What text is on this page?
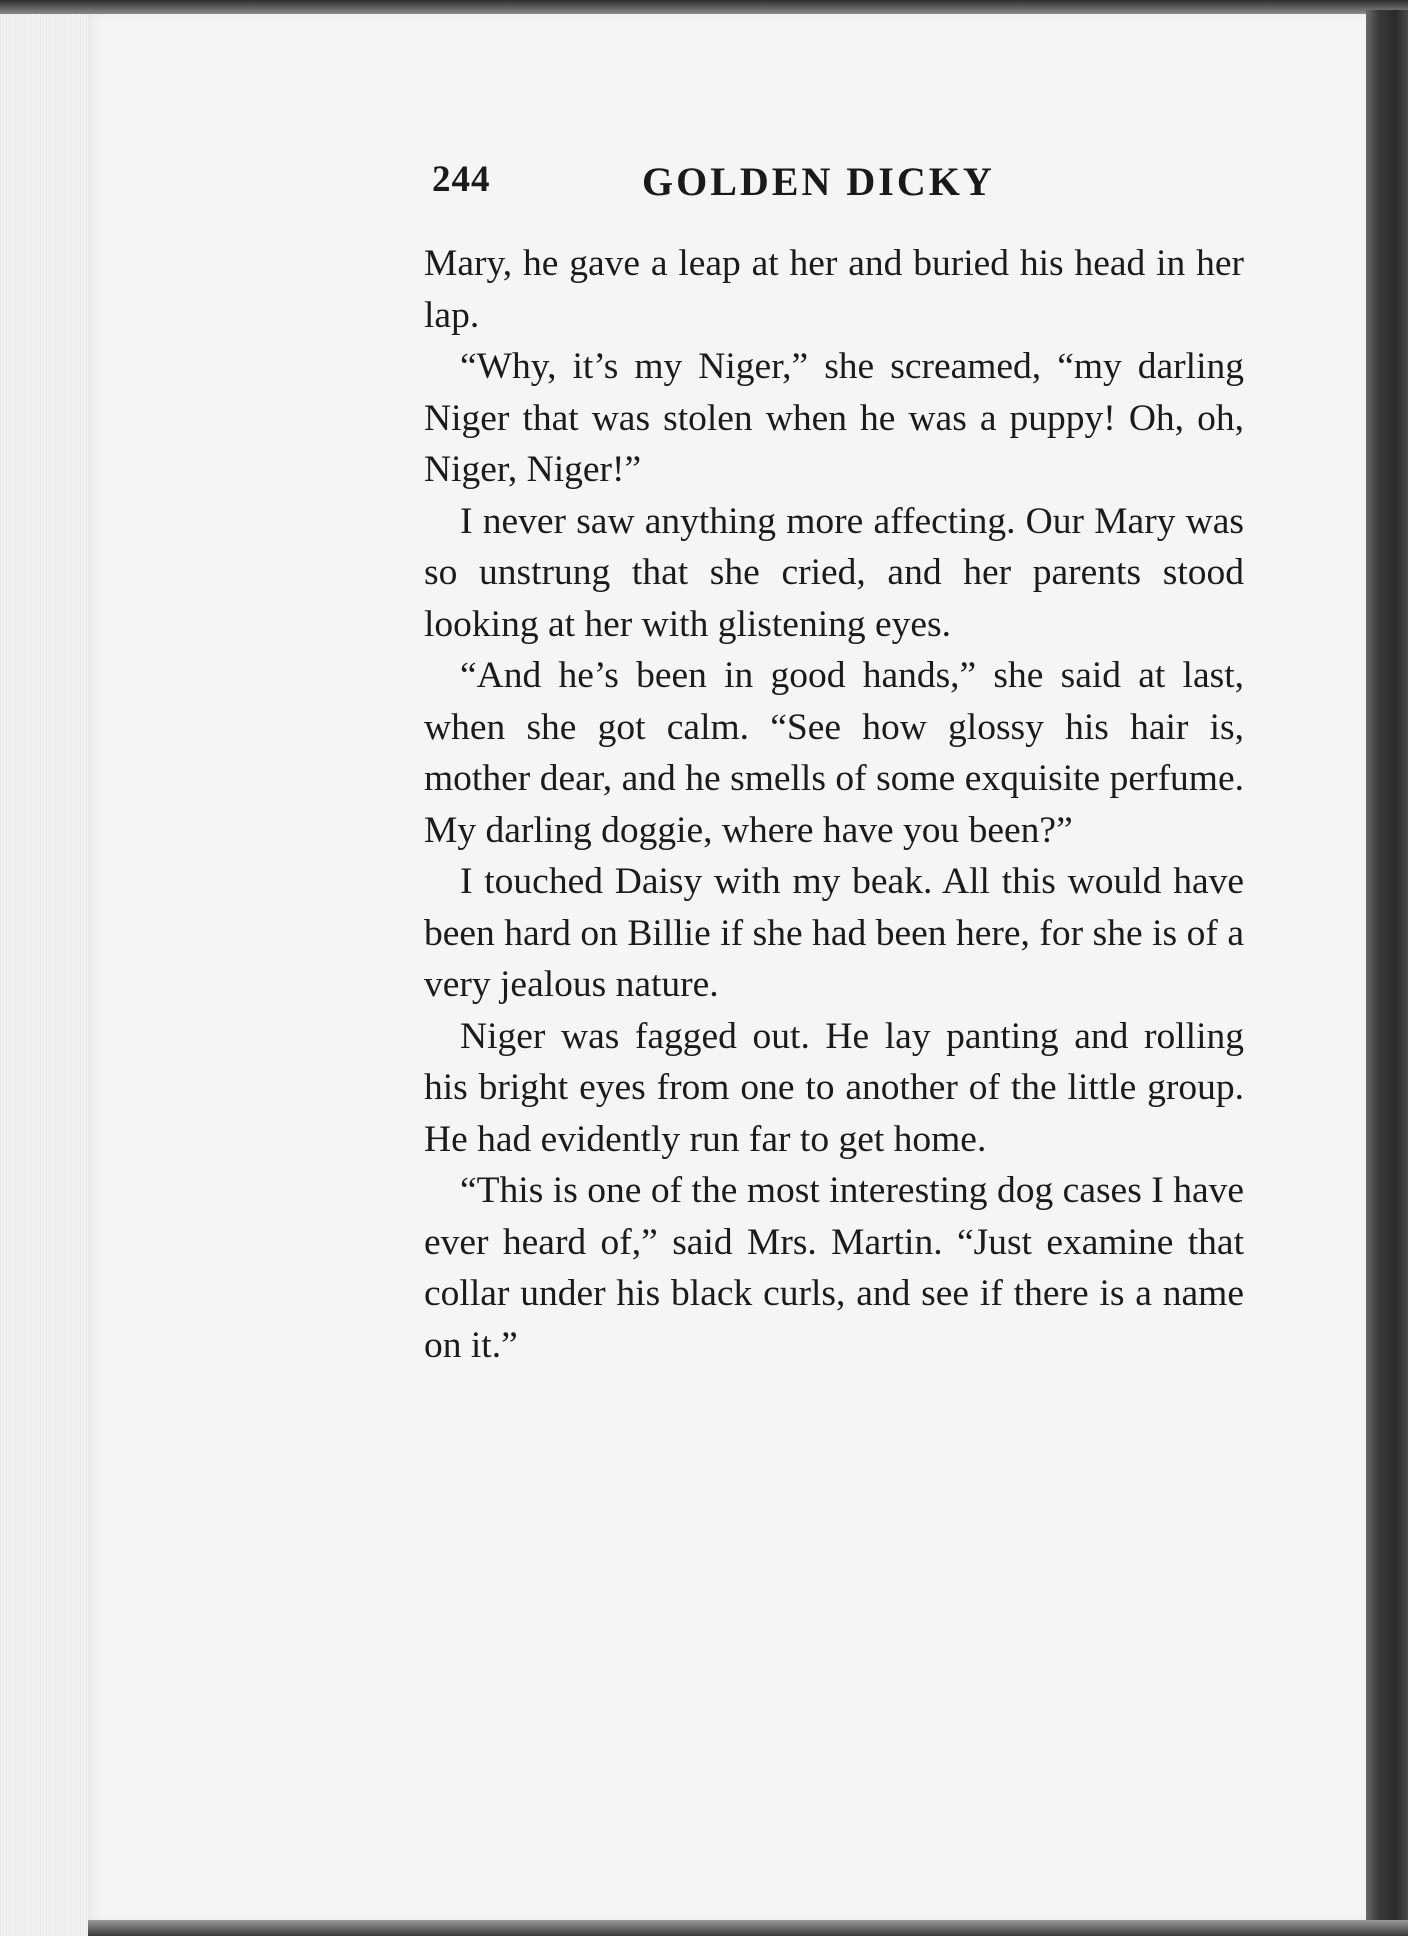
244	GOLDEN DICKY

Mary, he gave a leap at her and buried his head in her lap.

“Why, it’s my Niger,” she screamed, “my darling Niger that was stolen when he was a puppy! Oh, oh, Niger, Niger!”

I never saw anything more affecting. Our Mary was so unstrung that she cried, and her parents stood looking at her with glistening eyes.

“And he’s been in good hands,” she said at last, when she got calm. “See how glossy his hair is, mother dear, and he smells of some exquisite perfume. My darling doggie, where have you been?”

I touched Daisy with my beak. All this would have been hard on Billie if she had been here, for she is of a very jealous nature.

Niger was fagged out. He lay panting and rolling his bright eyes from one to another of the little group. He had evidently run far to get home.

“This is one of the most interesting dog cases I have ever heard of,” said Mrs. Martin. “Just examine that collar under his black curls, and see if there is a name on it.”
